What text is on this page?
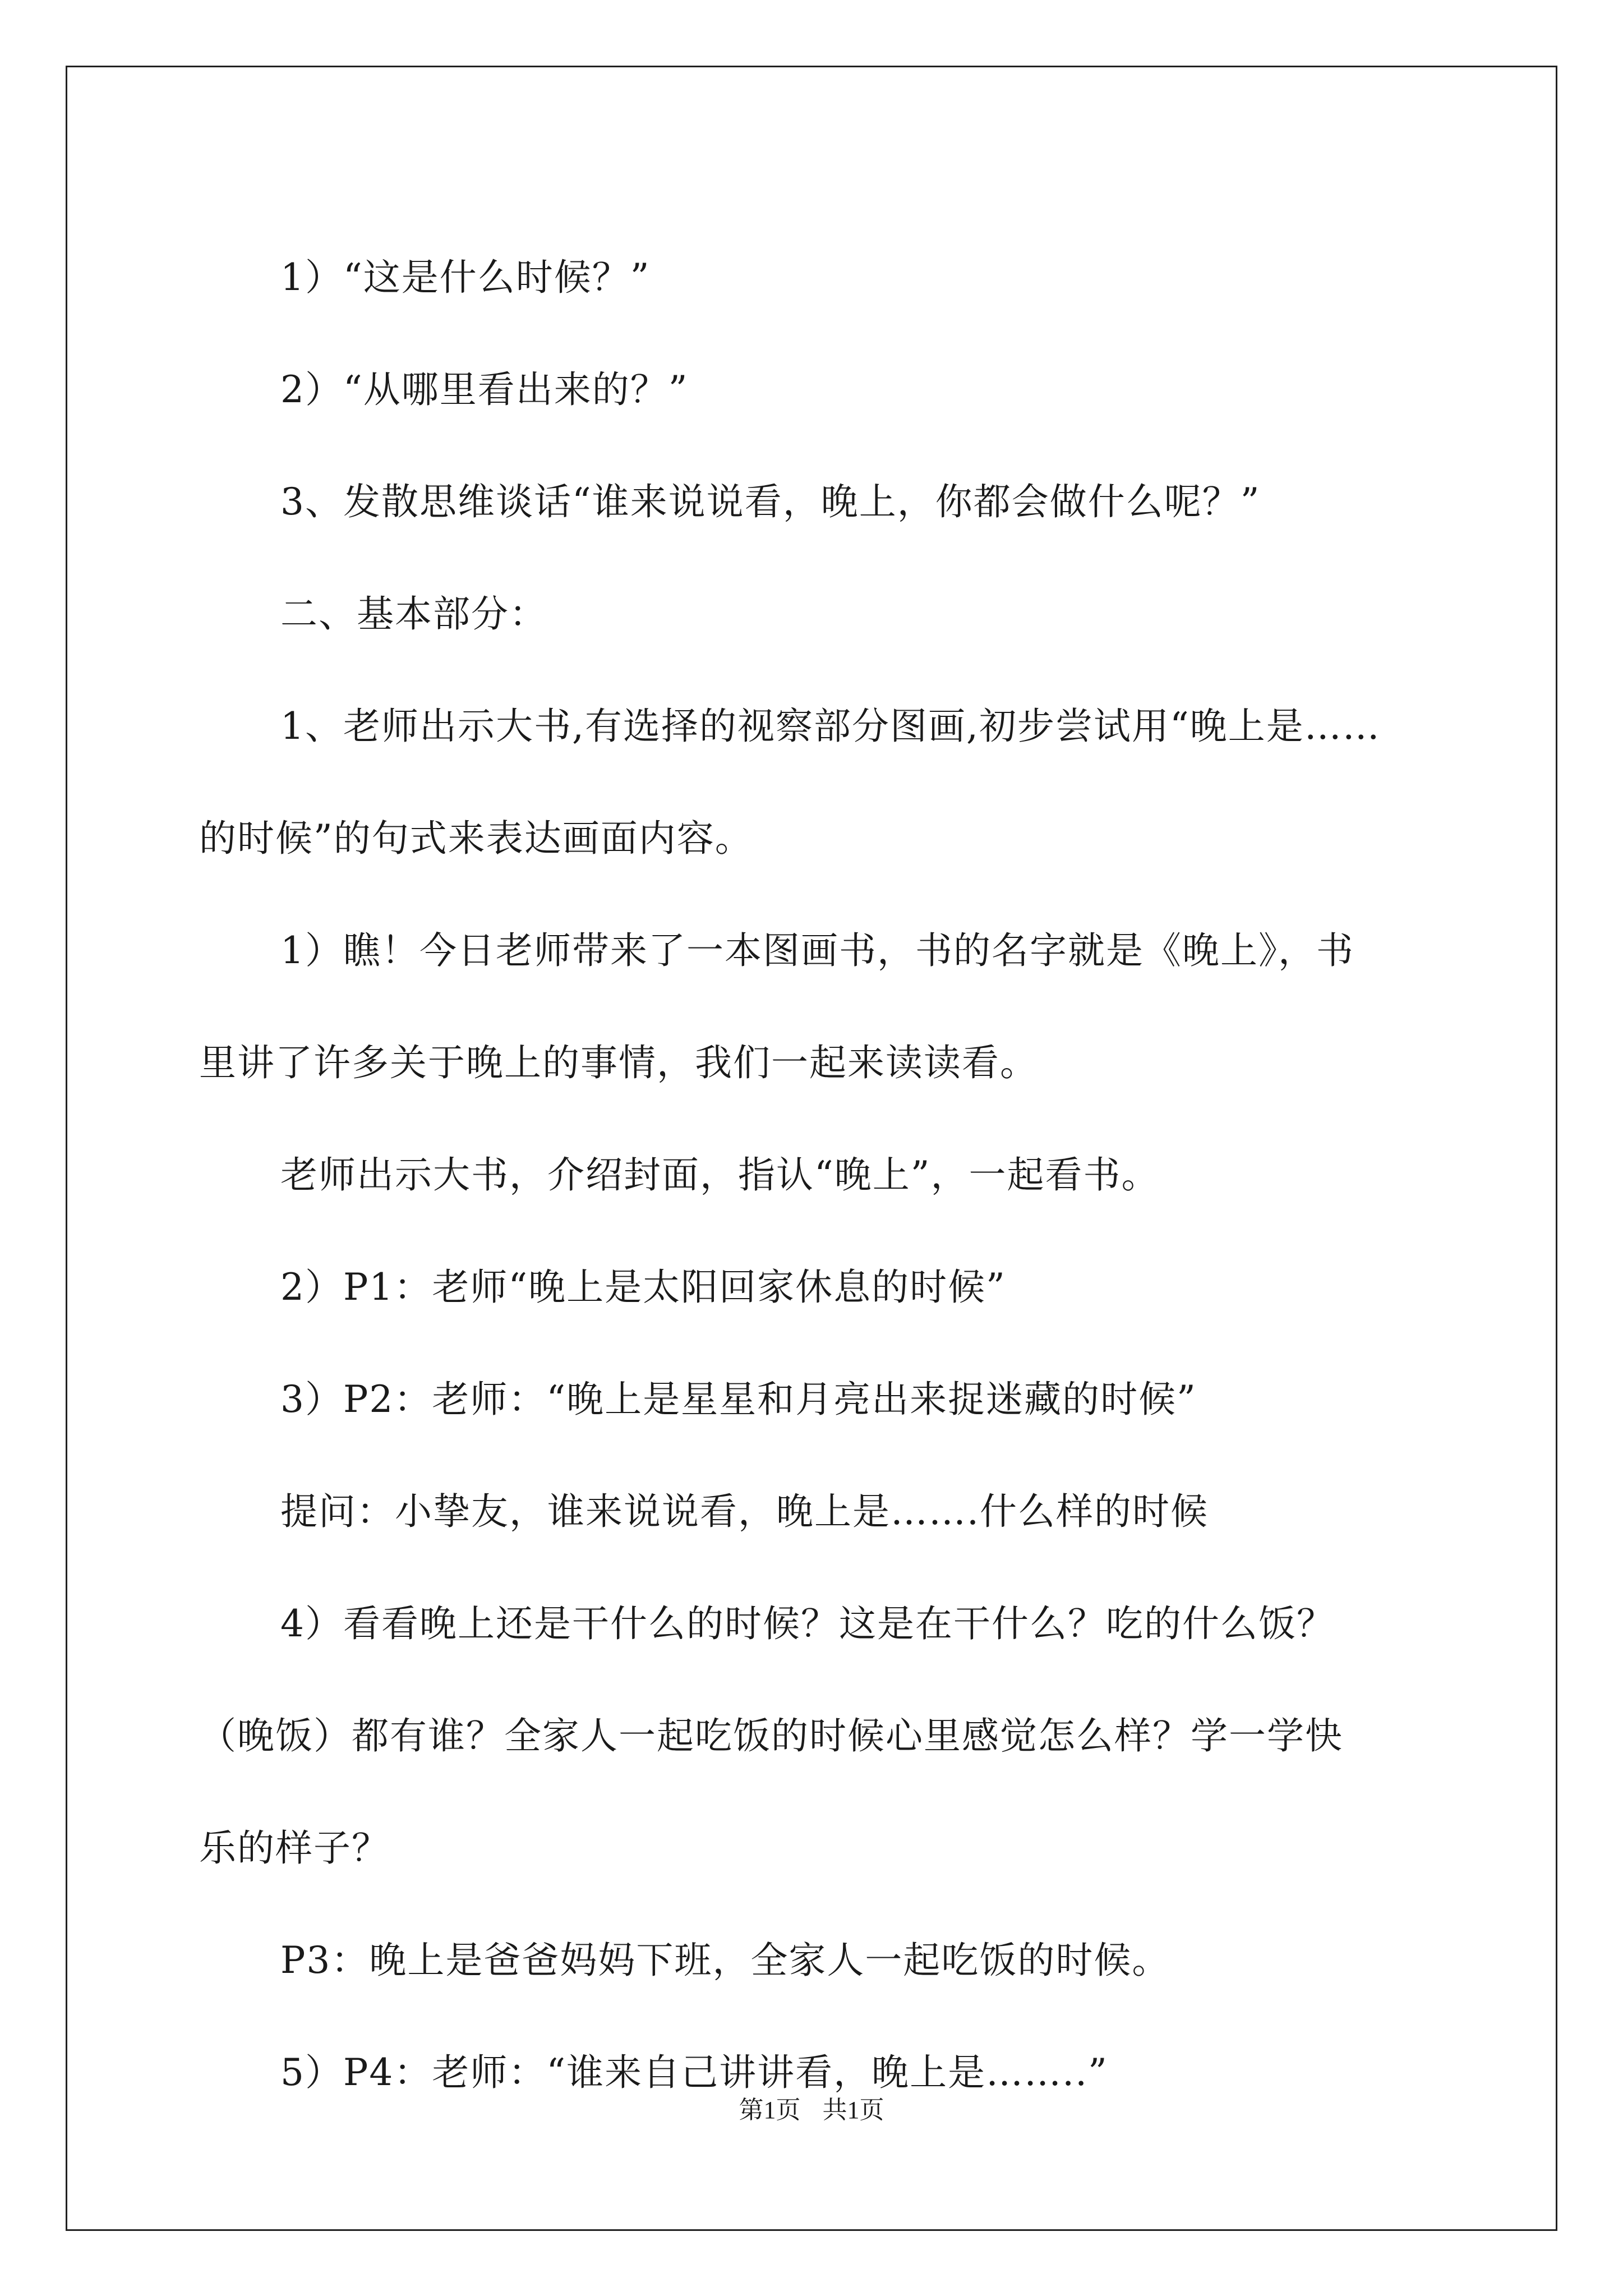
1）“这是什么时候？”

2）“从哪里看出来的？”

3、发散思维谈话“谁来说说看，晚上，你都会做什么呢？”

二、基本部分：

1、老师出示大书,有选择的视察部分图画,初步尝试用“晚上是……

的时候”的句式来表达画面内容。

1）瞧！今日老师带来了一本图画书，书的名字就是《晚上》，书

里讲了许多关于晚上的事情，我们一起来读读看。

老师出示大书，介绍封面，指认“晚上”，一起看书。

2）P1：老师“晚上是太阳回家休息的时候”

3）P2：老师：“晚上是星星和月亮出来捉迷藏的时候”

提问：小挚友，谁来说说看，晚上是…….什么样的时候

4）看看晚上还是干什么的时候？这是在干什么？吃的什么饭？

（晚饭）都有谁？全家人一起吃饭的时候心里感觉怎么样？学一学快

乐的样子？

P3：晚上是爸爸妈妈下班，全家人一起吃饭的时候。

5）P4：老师：“谁来自己讲讲看，晚上是……..”

第1页 共1页
